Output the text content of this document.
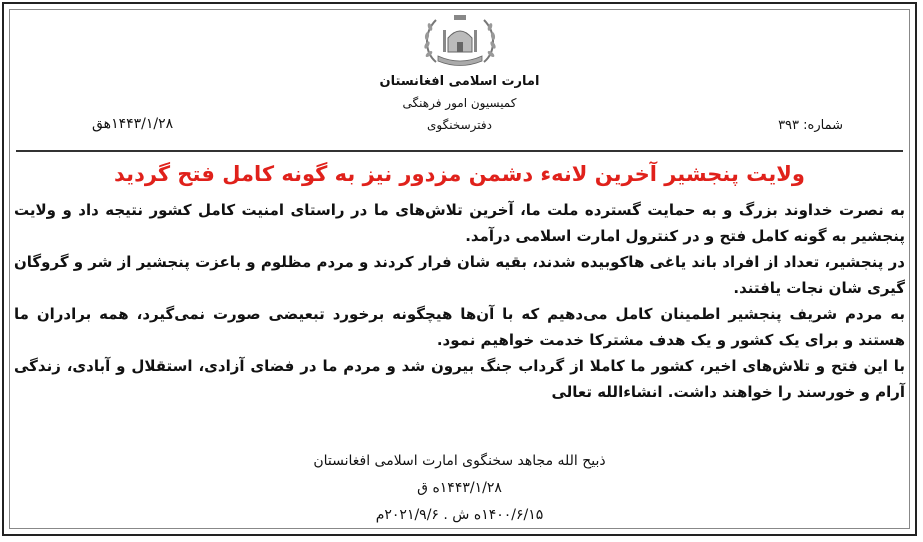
امارت اسلامی افغانستان
کمیسیون امور فرهنگی
دفترسخنگوی	شماره: ۳۹۳
۱۴۴۳/۱/۲۸هق
ولایت پنجشیر آخرین لانهء دشمن مزدور نیز به گونه کامل فتح گردید

به نصرت خداوند بزرگ و به حمایت گسترده ملت ما، آخرین تلاش‌های ما در راستای امنیت کامل کشور نتیجه داد و ولایت پنجشیر به گونه کامل فتح و در کنترول امارت اسلامی درآمد.

در پنجشیر، تعداد از افراد باند یاغی هاکوبیده شدند، بقیه شان فرار کردند و مردم مظلوم و باعزت پنجشیر از شر و گروگان گیری شان نجات یافتند.

به مردم شریف پنجشیر اطمینان کامل می‌دهیم که با آن‌ها هیچگونه برخورد تبعیضی صورت نمی‌گیرد، همه برادران ما هستند و برای یک کشور و یک هدف مشترکا خدمت خواهیم نمود.

با این فتح و تلاش‌های اخیر، کشور ما کاملا از گرداب جنگ بیرون شد و مردم ما در فضای آزادی، استقلال و آبادی، زندگی آرام و خورسند را خواهند داشت. انشاءالله تعالی

ذبیح الله مجاهد سخنگوی امارت اسلامی افغانستان
۱۴۴۳/۱/۲۸ه ق
۱۴۰۰/۶/۱۵ه ش . ۲۰۲۱/۹/۶م
